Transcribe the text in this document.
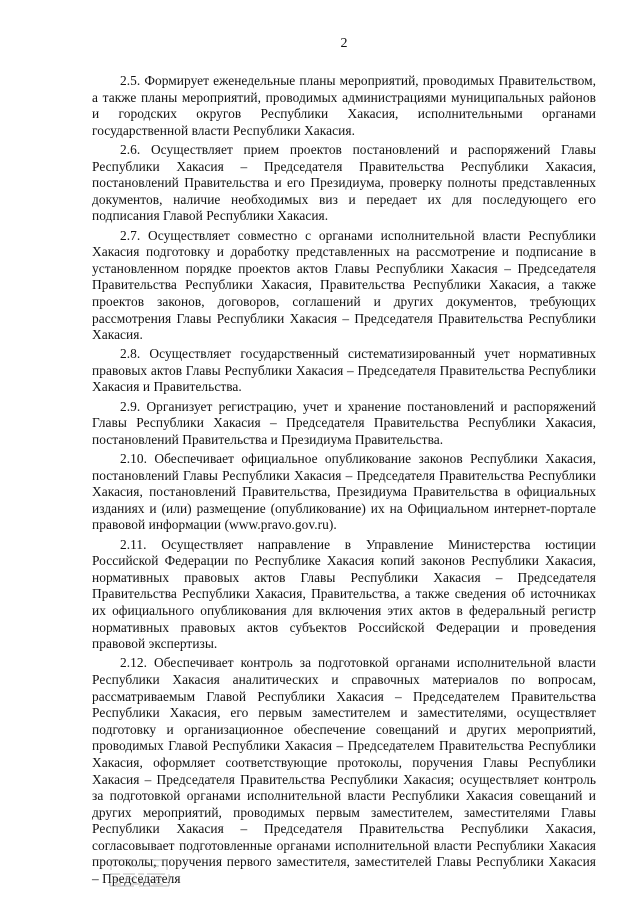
2

2.5. Формирует еженедельные планы мероприятий, проводимых Правительством, а также планы мероприятий, проводимых администрациями муниципальных районов и городских округов Республики Хакасия, исполнительными органами государственной власти Республики Хакасия.

2.6. Осуществляет прием проектов постановлений и распоряжений Главы Республики Хакасия – Председателя Правительства Республики Хакасия, постановлений Правительства и его Президиума, проверку полноты представленных документов, наличие необходимых виз и передает их для последующего его подписания Главой Республики Хакасия.

2.7. Осуществляет совместно с органами исполнительной власти Республики Хакасия подготовку и доработку представленных на рассмотрение и подписание в установленном порядке проектов актов Главы Республики Хакасия – Председателя Правительства Республики Хакасия, Правительства Республики Хакасия, а также проектов законов, договоров, соглашений и других документов, требующих рассмотрения Главы Республики Хакасия – Председателя Правительства Республики Хакасия.

2.8. Осуществляет государственный систематизированный учет нормативных правовых актов Главы Республики Хакасия – Председателя Правительства Республики Хакасия и Правительства.

2.9. Организует регистрацию, учет и хранение постановлений и распоряжений Главы Республики Хакасия – Председателя Правительства Республики Хакасия, постановлений Правительства и Президиума Правительства.

2.10. Обеспечивает официальное опубликование законов Республики Хакасия, постановлений Главы Республики Хакасия – Председателя Правительства Республики Хакасия, постановлений Правительства, Президиума Правительства в официальных изданиях и (или) размещение (опубликование) их на Официальном интернет-портале правовой информации (www.pravo.gov.ru).

2.11. Осуществляет направление в Управление Министерства юстиции Российской Федерации по Республике Хакасия копий законов Республики Хакасия, нормативных правовых актов Главы Республики Хакасия – Председателя Правительства Республики Хакасия, Правительства, а также сведения об источниках их официального опубликования для включения этих актов в федеральный регистр нормативных правовых актов субъектов Российской Федерации и проведения правовой экспертизы.

2.12. Обеспечивает контроль за подготовкой органами исполнительной власти Республики Хакасия аналитических и справочных материалов по вопросам, рассматриваемым Главой Республики Хакасия – Председателем Правительства Республики Хакасия, его первым заместителем и заместителями, осуществляет подготовку и организационное обеспечение совещаний и других мероприятий, проводимых Главой Республики Хакасия – Председателем Правительства Республики Хакасия, оформляет соответствующие протоколы, поручения Главы Республики Хакасия – Председателя Правительства Республики Хакасия; осуществляет контроль за подготовкой органами исполнительной власти Республики Хакасия совещаний и других мероприятий, проводимых первым заместителем, заместителями Главы Республики Хакасия – Председателя Правительства Республики Хакасия, согласовывает подготовленные органами исполнительной власти Республики Хакасия протоколы, поручения первого заместителя, заместителей Главы Республики Хакасия – Председателя
